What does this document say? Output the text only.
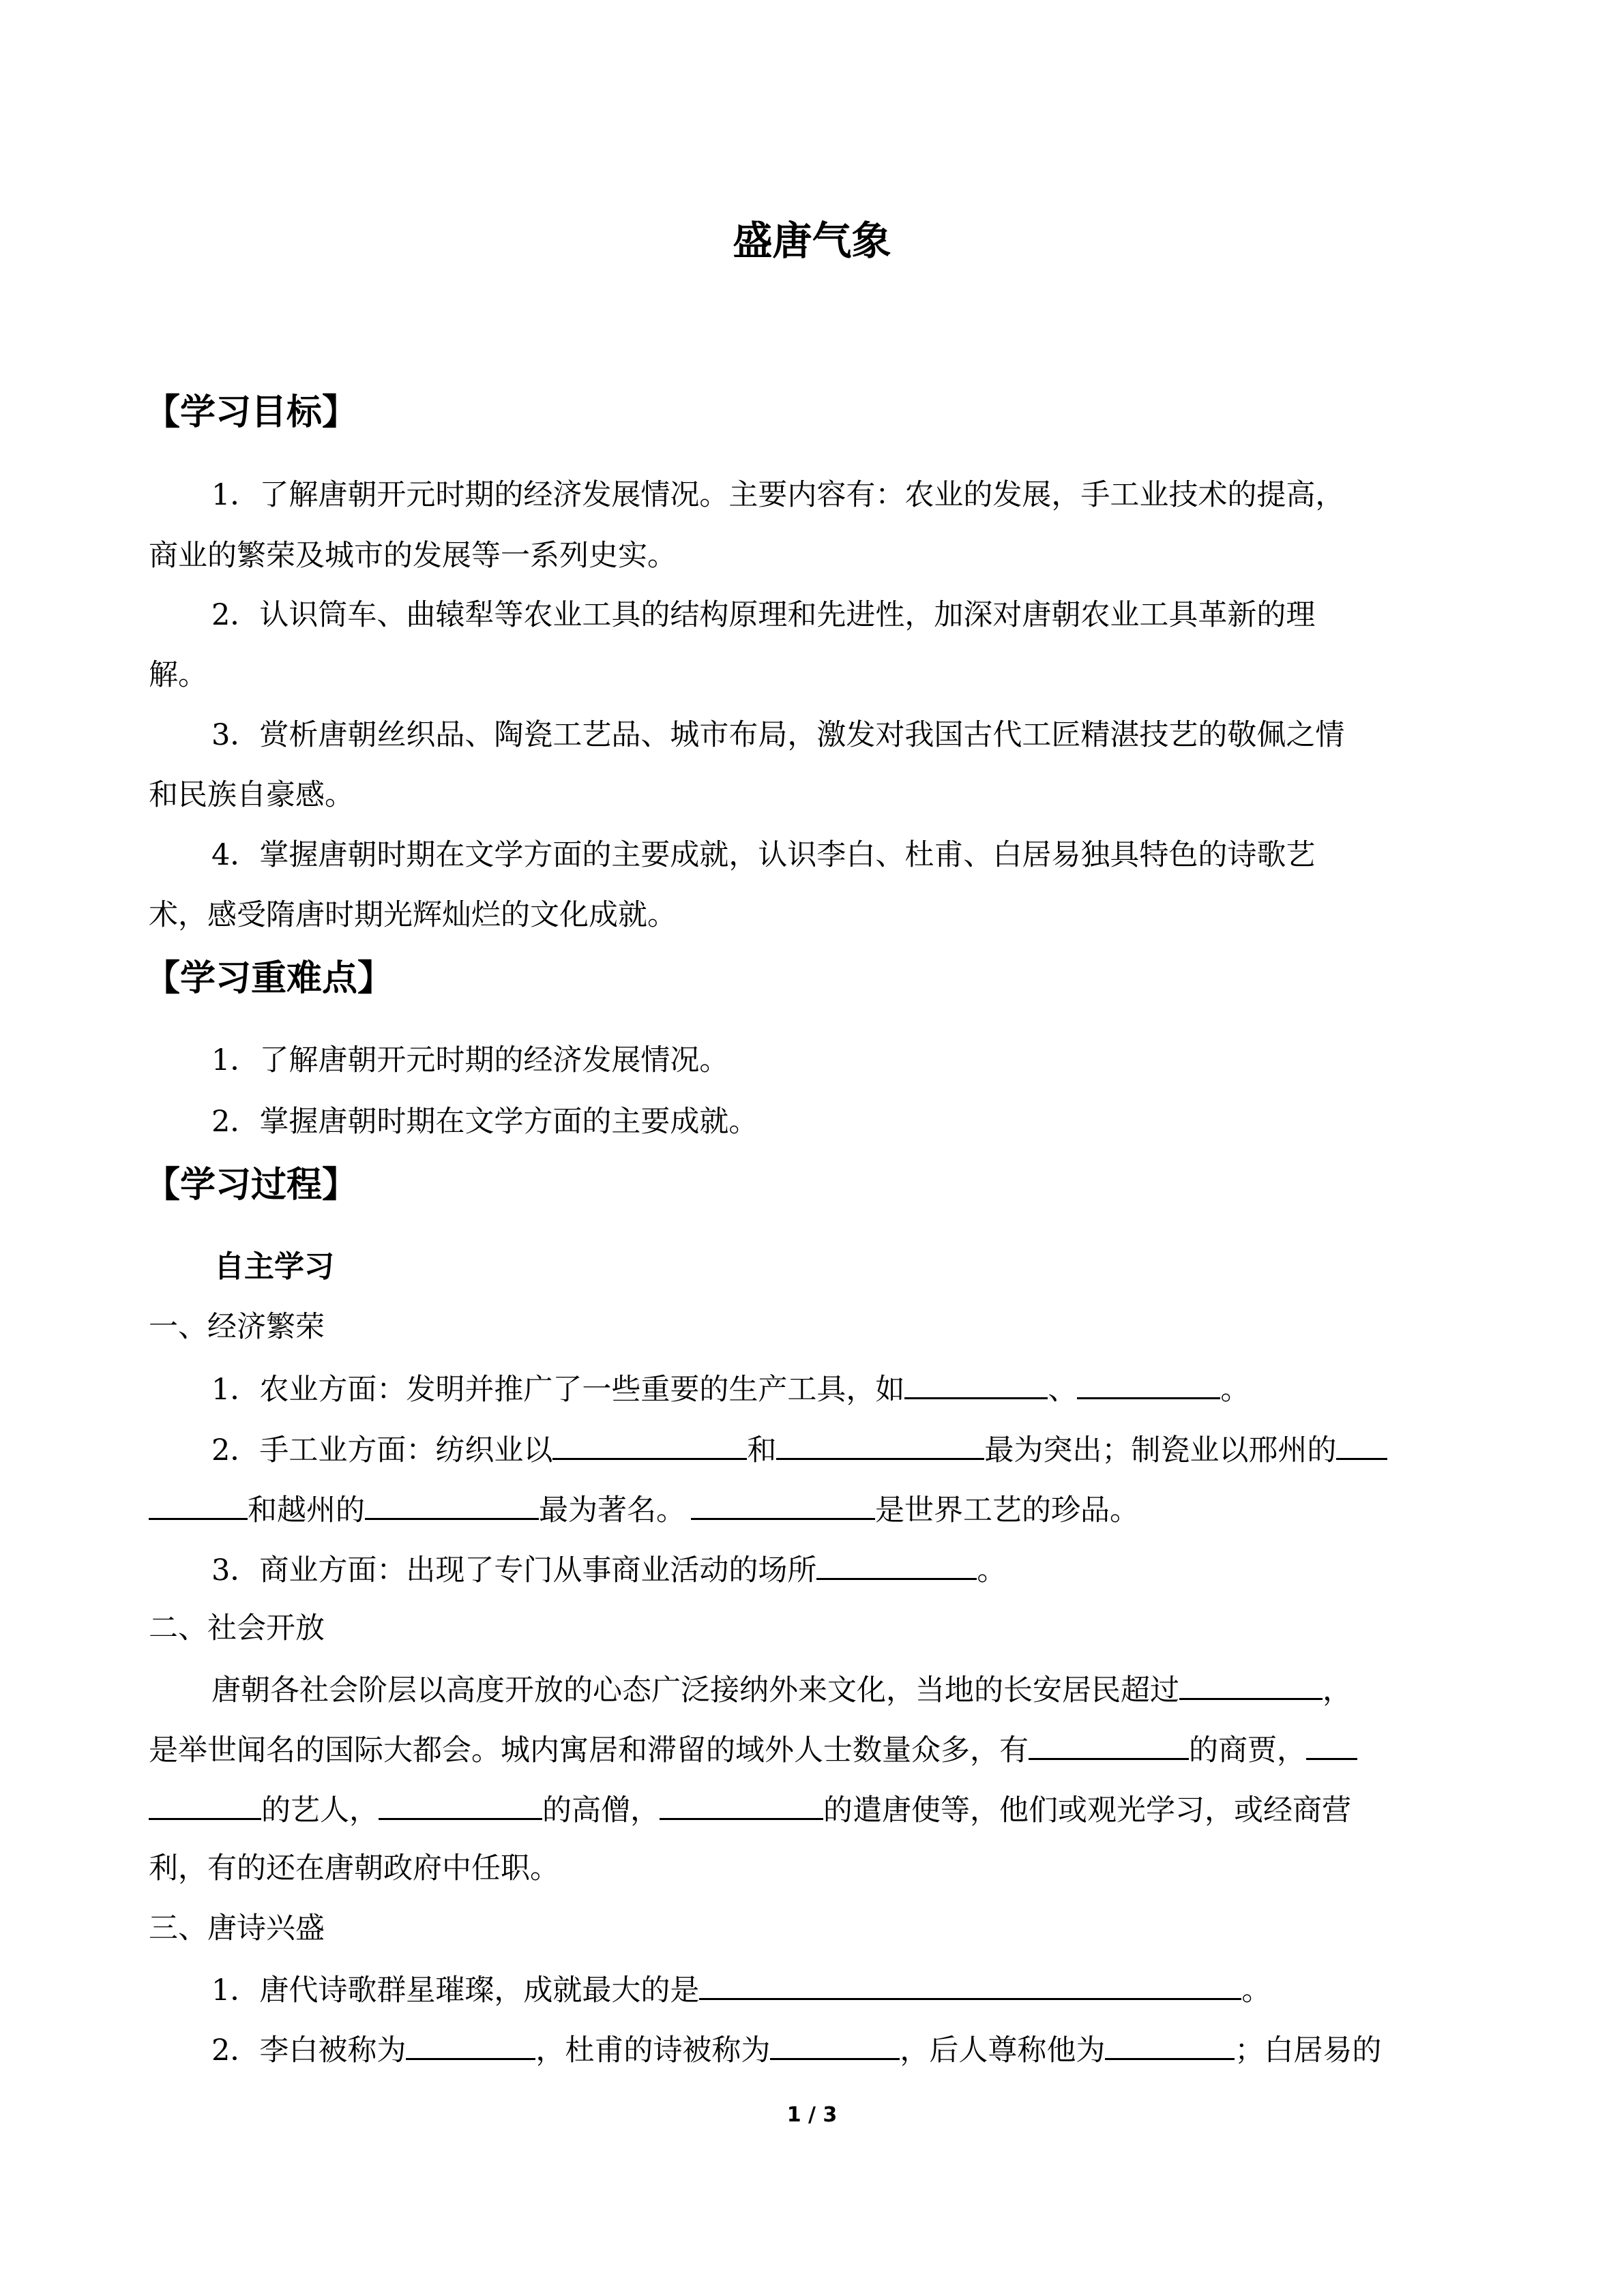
盛唐气象
【学习目标】
1．了解唐朝开元时期的经济发展情况。主要内容有：农业的发展，手工业技术的提高，
商业的繁荣及城市的发展等一系列史实。
2．认识筒车、曲辕犁等农业工具的结构原理和先进性，加深对唐朝农业工具革新的理
解。
3．赏析唐朝丝织品、陶瓷工艺品、城市布局，激发对我国古代工匠精湛技艺的敬佩之情
和民族自豪感。
4．掌握唐朝时期在文学方面的主要成就，认识李白、杜甫、白居易独具特色的诗歌艺
术，感受隋唐时期光辉灿烂的文化成就。
【学习重难点】
1．了解唐朝开元时期的经济发展情况。
2．掌握唐朝时期在文学方面的主要成就。
【学习过程】
自主学习
一、经济繁荣
1．农业方面：发明并推广了一些重要的生产工具，如	、	。
2．手工业方面：纺织业以	和	最为突出；制瓷业以邢州的
和越州的	最为著名。	是世界工艺的珍品。
3．商业方面：出现了专门从事商业活动的场所	。
二、社会开放
唐朝各社会阶层以高度开放的心态广泛接纳外来文化，当地的长安居民超过	，
是举世闻名的国际大都会。城内寓居和滞留的域外人士数量众多，有	的商贾，
的艺人，	的高僧，	的遣唐使等，他们或观光学习，或经商营
利，有的还在唐朝政府中任职。
三、唐诗兴盛
1．唐代诗歌群星璀璨，成就最大的是	。
2．李白被称为	，杜甫的诗被称为	，后人尊称他为	；白居易的
1 / 3
